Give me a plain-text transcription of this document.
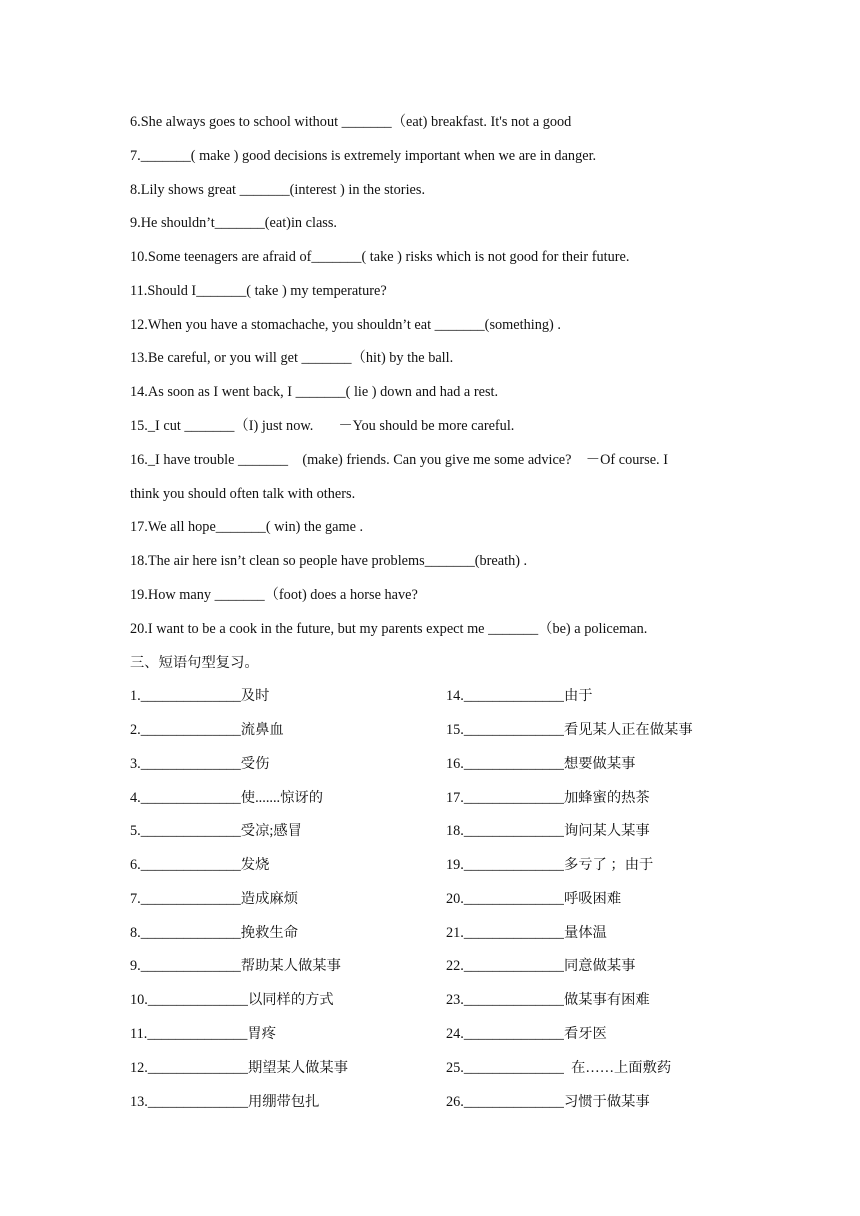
6.She always goes to school without _______（eat) breakfast. It's not a good
7._______( make ) good decisions is extremely important when we are in danger.
8.Lily shows great _______(interest ) in the stories.
9.He shouldn’t_______(eat)in class.
10.Some teenagers are afraid of_______( take ) risks which is not good for their future.
11.Should I_______( take ) my temperature?
12.When you have a stomachache, you shouldn’t eat _______(something) .
13.Be careful, or you will get _______（hit) by the ball.
14.As soon as I went back, I _______( lie ) down and had a rest.
15._I cut _______（I) just now.       －You should be more careful.
16._I have trouble _______    (make) friends. Can you give me some advice?    －Of course. I
think you should often talk with others.
17.We all hope_______( win) the game .
18.The air here isn’t clean so people have problems_______(breath) .
19.How many _______（foot) does a horse have?
20.I want to be a cook in the future, but my parents expect me _______（be) a policeman.
三、短语句型复习。
1.______________及时
2.______________流鼻血
3.______________受伤
4.______________使.......惊讶的
5.______________受凉;感冒
6.______________发烧
7.______________造成麻烦
8.______________挽救生命
9.______________帮助某人做某事
10.______________以同样的方式
11.______________胃疼
12.______________期望某人做某事
13.______________用绷带包扎
14.______________由于
15.______________看见某人正在做某事
16.______________想要做某事
17.______________加蜂蜜的热茶
18.______________询问某人某事
19.______________多亏了 ；由于
20.______________呼吸困难
21.______________量体温
22.______________同意做某事
23.______________做某事有困难
24.______________看牙医
25.______________  在……上面敷药
26.______________习惯于做某事
